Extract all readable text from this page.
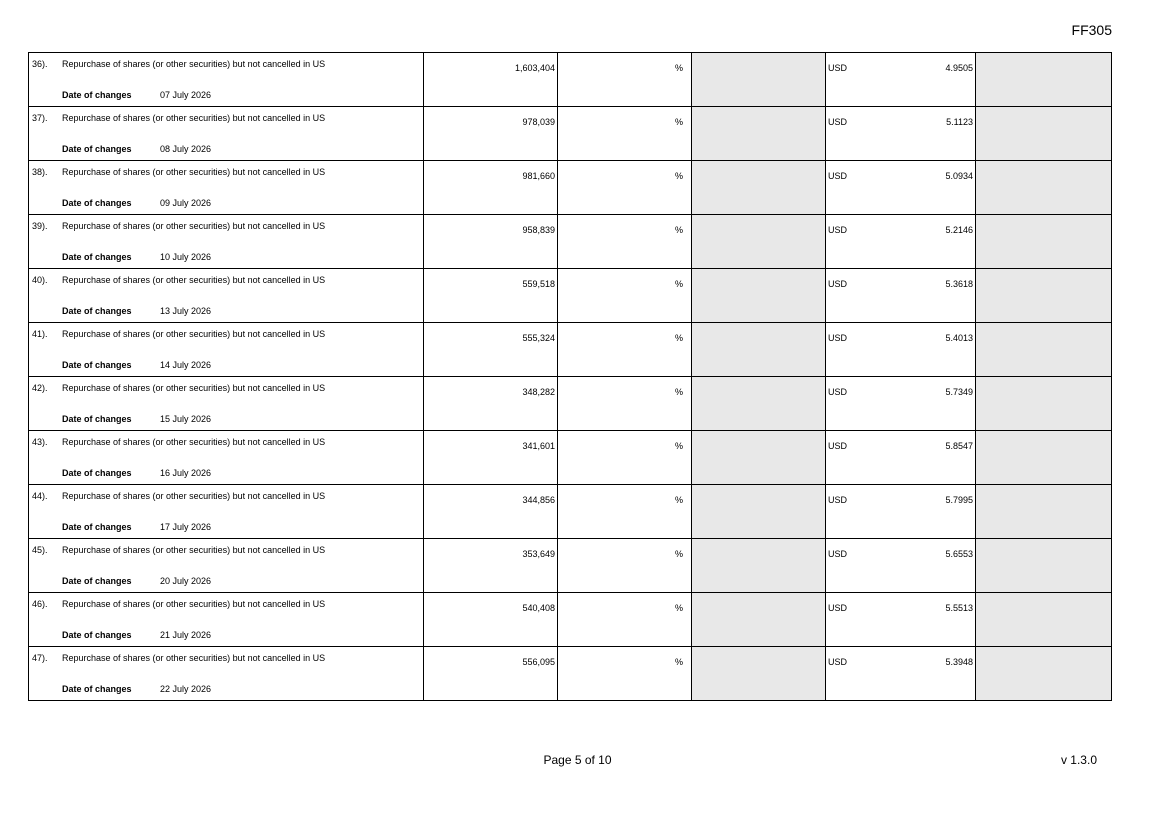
FF305
36). Repurchase of shares (or other securities) but not cancelled in US
Date of changes 07 July 2026	1,603,404	%		USD 4.9505	

37). Repurchase of shares (or other securities) but not cancelled in US
Date of changes 08 July 2026	978,039	%		USD 5.1123	

38). Repurchase of shares (or other securities) but not cancelled in US
Date of changes 09 July 2026	981,660	%		USD 5.0934	

39). Repurchase of shares (or other securities) but not cancelled in US
Date of changes 10 July 2026	958,839	%		USD 5.2146	

40). Repurchase of shares (or other securities) but not cancelled in US
Date of changes 13 July 2026	559,518	%		USD 5.3618	

41). Repurchase of shares (or other securities) but not cancelled in US
Date of changes 14 July 2026	555,324	%		USD 5.4013	

42). Repurchase of shares (or other securities) but not cancelled in US
Date of changes 15 July 2026	348,282	%		USD 5.7349	

43). Repurchase of shares (or other securities) but not cancelled in US
Date of changes 16 July 2026	341,601	%		USD 5.8547	

44). Repurchase of shares (or other securities) but not cancelled in US
Date of changes 17 July 2026	344,856	%		USD 5.7995	

45). Repurchase of shares (or other securities) but not cancelled in US
Date of changes 20 July 2026	353,649	%		USD 5.6553	

46). Repurchase of shares (or other securities) but not cancelled in US
Date of changes 21 July 2026	540,408	%		USD 5.5513	

47). Repurchase of shares (or other securities) but not cancelled in US
Date of changes 22 July 2026	556,095	%		USD 5.3948	

Page 5 of 10	v 1.3.0
